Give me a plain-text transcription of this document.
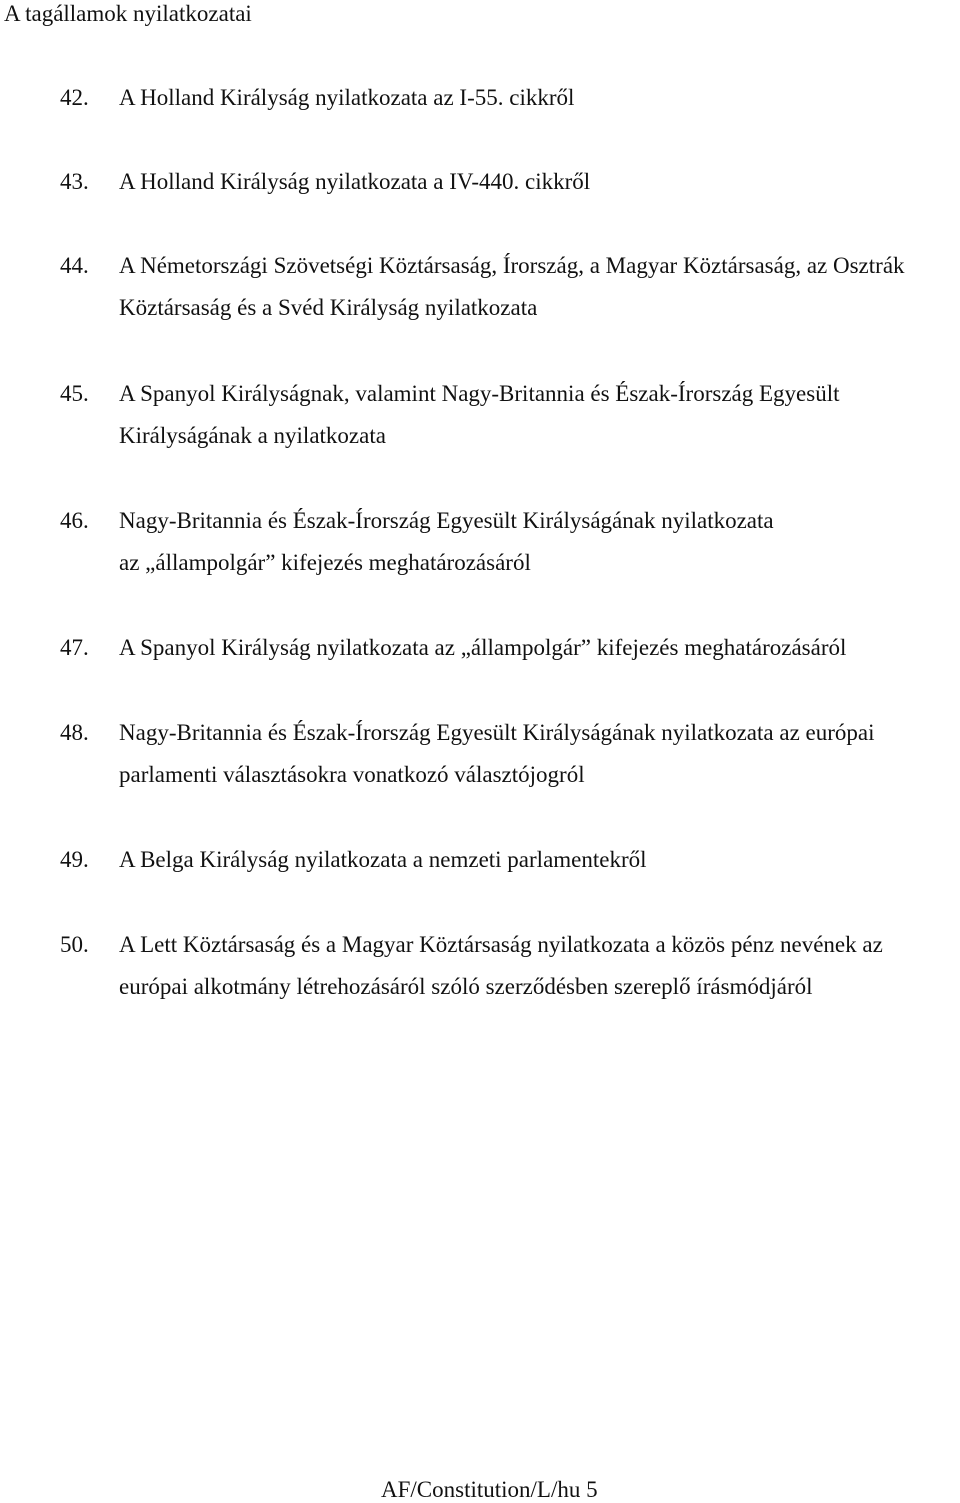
A tagállamok nyilatkozatai
42. A Holland Királyság nyilatkozata az I-55. cikkről
43. A Holland Királyság nyilatkozata a IV-440. cikkről
44. A Németországi Szövetségi Köztársaság, Írország, a Magyar Köztársaság, az Osztrák
Köztársaság és a Svéd Királyság nyilatkozata
45. A Spanyol Királyságnak, valamint Nagy-Britannia és Észak-Írország Egyesült
Királyságának a nyilatkozata
46. Nagy-Britannia és Észak-Írország Egyesült Királyságának nyilatkozata
az „állampolgár” kifejezés meghatározásáról
47. A Spanyol Királyság nyilatkozata az „állampolgár” kifejezés meghatározásáról
48. Nagy-Britannia és Észak-Írország Egyesült Királyságának nyilatkozata az európai
parlamenti választásokra vonatkozó választójogról
49. A Belga Királyság nyilatkozata a nemzeti parlamentekről
50. A Lett Köztársaság és a Magyar Köztársaság nyilatkozata a közös pénz nevének az
európai alkotmány létrehozásáról szóló szerződésben szereplő írásmódjáról
AF/Constitution/L/hu 5
